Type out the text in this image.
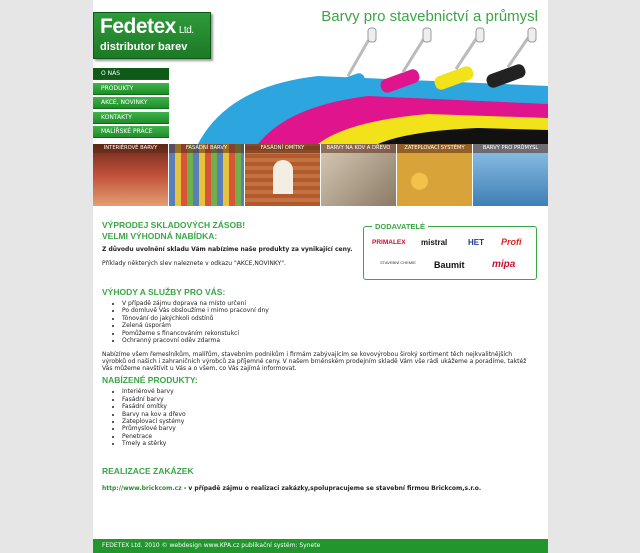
Fedetex Ltd.
distributor barev
Barvy pro stavebnictví a průmysl
O NÁS
PRODUKTY
AKCE, NOVINKY
KONTAKTY
MALÍŘSKÉ PRÁCE
INTERIÉROVÉ BARVY	FASÁDNÍ BARVY	FASÁDNÍ OMÍTKY	BARVY NA KOV A DŘEVO	ZATEPLOVACÍ SYSTÉMY	BARVY PRO PRŮMYSL
VÝPRODEJ SKLADOVÝCH ZÁSOB!
VELMI VÝHODNÁ NABÍDKA:

Z důvodu uvolnění skladu Vám nabízíme naše produkty za vynikající ceny.

Příklady některých slev naleznete v odkazu "AKCE,NOVINKY".

VÝHODY A SLUŽBY PRO VÁS:
• V případě zájmu doprava na místo určení
• Po domluvě Vás obsloužíme i mimo pracovní dny
• Tónování do jakýchkoli odstínů
• Zelená úsporám
• Pomůžeme s financováním rekonstukcí
• Ochranný pracovní oděv zdarma

Nabízíme všem řemeslníkům, malířům, stavebním podnikům i firmám zabývajícím se kovovýrobou široký sortiment těch nejkvalitnějších výrobků od našich i zahraničních výrobců za příjemné ceny. V našem brněnském prodejním skladě Vám vše rádi ukážeme a poradíme, taktéž Vás můžeme navštívit u Vás a o všem, co Vás zajímá informovat.

NABÍZENÉ PRODUKTY:
• Interiérové barvy
• Fasádní barvy
• Fasádní omítky
• Barvy na kov a dřevo
• Zateplovací systémy
• Průmyslové barvy
• Penetrace
• Tmely a stěrky
REALIZACE ZAKÁZEK

http://www.brickcom.cz - v případě zájmu o realizaci zakázky,spolupracujeme se stavební firmou Brickcom,s.r.o.

DODAVATELÉ
PRIMALEX mistral	HET Profi
STAVEBNÍ CHEMIE	Baumit	mipa
FEDETEX Ltd. 2010 © webdesign www.KPA.cz publikační systém: Synete
